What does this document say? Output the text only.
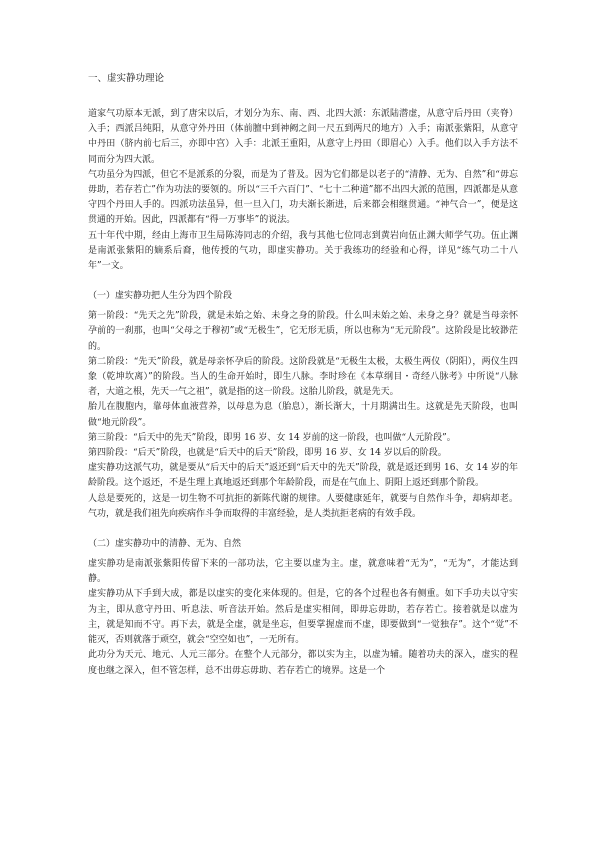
一、虚实静功理论

道家气功原本无派，到了唐宋以后，才划分为东、南、西、北四大派：东派陆潜虚，从意守后丹田（夹脊）入手；西派吕纯阳，从意守外丹田（体前膻中到神阙之间一尺五到两尺的地方）入手；南派张紫阳，从意守中丹田（脐内前七后三，亦即中宫）入手：北派王重阳，从意守上丹田（即眉心）入手。他们以入手方法不同而分为四大派。

气功虽分为四派，但它不是派系的分裂，而是为了普及。因为它们都是以老子的“清静、无为、自然”和“毋忘毋助，若存若亡”作为功法的要领的。所以“三千六百门”、“七十二种道”都不出四大派的范围，四派都是从意守四个丹田人手的。四派功法虽异，但一旦入门，功夫渐长渐进，后来都会相继贯通。“神气合一”，便是这贯通的开始。因此，四派都有“得一万事毕”的说法。

五十年代中期，经由上海市卫生局陈涛同志的介绍，我与其他七位同志到黄岩向伍止渊大师学气功。伍止渊是南派张紫阳的嫡系后裔，他传授的气功，即虚实静功。关于我练功的经验和心得，详见“练气功二十八年”一文。

（一）虚实静功把人生分为四个阶段

第一阶段：“先天之先”阶段，就是未始之始、未身之身的阶段。什么叫未始之始、未身之身？就是当母亲怀孕前的一刹那，也叫“父母之于穆初”或“无极生”，它无形无质，所以也称为“无元阶段”。这阶段是比较渺茫的。

第二阶段：“先天”阶段，就是母亲怀孕后的阶段。这阶段就是“无极生太极，太极生两仪（阴阳），两仪生四象（乾坤坎离）”的阶段。当人的生命开始时，即生八脉。李时珍在《本草纲目・奇经八脉考》中所说“八脉者，大道之根，先天一气之祖”，就是指的这一阶段。这胎儿阶段，就是先天。

胎儿在腹胞内，靠母体血液营养，以母息为息（胎息），渐长渐大，十月期满出生。这就是先天阶段，也叫做“地元阶段”。

第三阶段：“后天中的先天”阶段，即男 16 岁、女 14 岁前的这一阶段，也叫做“人元阶段”。

第四阶段：“后天”阶段，也就是“后天中的后天”阶段，即男 16 岁、女 14 岁以后的阶段。

虚实静功这派气功，就是要从“后天中的后天”返还到“后天中的先天”阶段，就是返还到男 16、女 14 岁的年龄阶段。这个返还，不是生理上真地返还到那个年龄阶段，而是在气血上、阴阳上返还到那个阶段。

人总是要死的，这是一切生物不可抗拒的新陈代谢的规律。人要健康延年，就要与自然作斗争，却病却老。气功，就是我们祖先向疾病作斗争而取得的丰富经验，是人类抗拒老病的有效手段。

（二）虚实静功中的清静、无为、自然

虚实静功是南派张紫阳传留下来的一部功法，它主要以虚为主。虚，就意味着“无为”，“无为”，才能达到静。

虚实静功从下手到大成，都是以虚实的变化来体现的。但是，它的各个过程也各有侧重。如下手功夫以守实为主，即从意守丹田、听息法、听音法开始。然后是虚实相间，即毋忘毋助，若存若亡。接着就是以虚为主，就是知而不守。再下去，就是全虚，就是坐忘，但要掌握虚而不虚，即要做到“一觉独存”。这个“觉”不能灭，否则就落于顽空，就会“空空如也”，一无所有。

此功分为天元、地元、人元三部分。在整个人元部分，都以实为主，以虚为辅。随着功夫的深入，虚实的程度也继之深入，但不管怎样，总不出毋忘毋助、若存若亡的境界。这是一个
